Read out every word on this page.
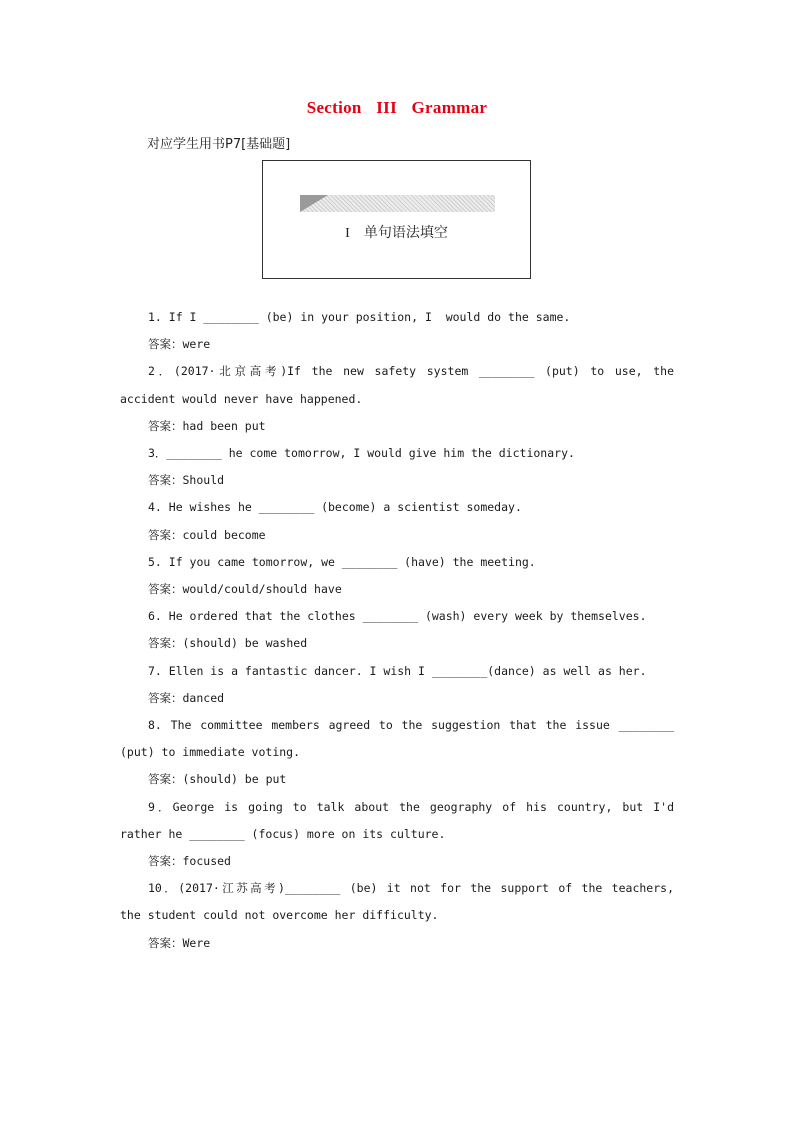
Section III Grammar
对应学生用书P7[基础题]
I 单句语法填空
1. If I ________ (be) in your position, I  would do the same.
答案：were
2．(2017·北京高考)If the new safety system ________ (put) to use, the
accident would never have happened.
答案：had been put
3．________ he come tomorrow, I would give him the dictionary.
答案：Should
4. He wishes he ________ (become) a scientist someday.
答案：could become
5. If you came tomorrow, we ________ (have) the meeting.
答案：would/could/should have
6. He ordered that the clothes ________ (wash) every week by themselves.
答案：(should) be washed
7. Ellen is a fantastic dancer. I wish I ________(dance) as well as her.
答案：danced
8. The committee members agreed to the suggestion that the issue ________
(put) to immediate voting.
答案：(should) be put
9．George is going to talk about the geography of his country, but I'd
rather he ________ (focus) more on its culture.
答案：focused
10．(2017·江苏高考)________ (be) it not for the support of the teachers,
the student could not overcome her difficulty.
答案：Were
